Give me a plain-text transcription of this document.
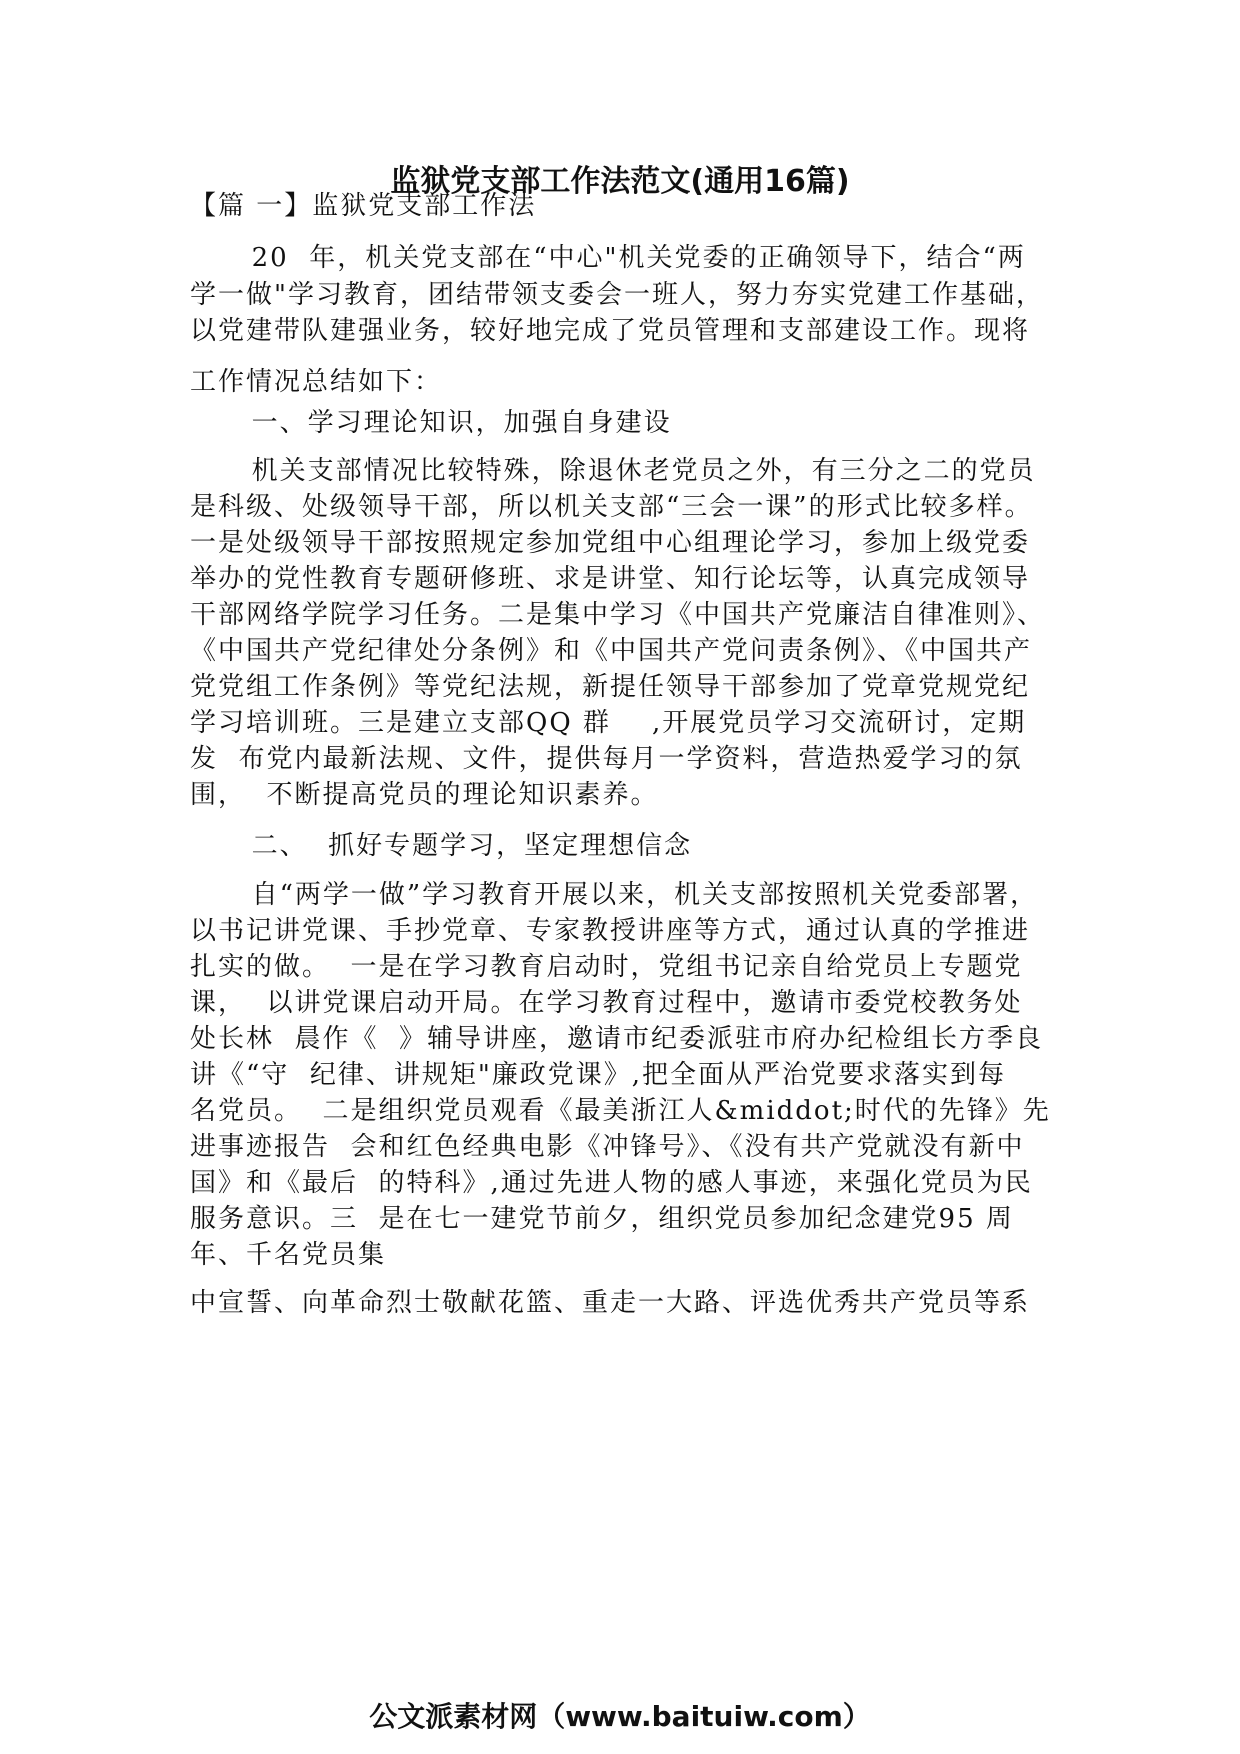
监狱党支部工作法范文(通用16篇)
【篇 一】监狱党支部工作法
20  年，机关党支部在“中心"机关党委的正确领导下，结合“两
学一做"学习教育，团结带领支委会一班人，努力夯实党建工作基础，
以党建带队建强业务，较好地完成了党员管理和支部建设工作。现将
工作情况总结如下：
一、学习理论知识，加强自身建设
机关支部情况比较特殊，除退休老党员之外，有三分之二的党员
是科级、处级领导干部，所以机关支部“三会一课”的形式比较多样。
一是处级领导干部按照规定参加党组中心组理论学习，参加上级党委
举办的党性教育专题研修班、求是讲堂、知行论坛等，认真完成领导
干部网络学院学习任务。二是集中学习《中国共产党廉洁自律准则》、
《中国共产党纪律处分条例》和《中国共产党问责条例》、《中国共产
党党组工作条例》等党纪法规，新提任领导干部参加了党章党规党纪
学习培训班。三是建立支部QQ 群    ,开展党员学习交流研讨，定期
发  布党内最新法规、文件，提供每月一学资料，营造热爱学习的氛
围，  不断提高党员的理论知识素养。
二、  抓好专题学习，坚定理想信念
自“两学一做”学习教育开展以来，机关支部按照机关党委部署，
以书记讲党课、手抄党章、专家教授讲座等方式，通过认真的学推进
扎实的做。  一是在学习教育启动时，党组书记亲自给党员上专题党
课，  以讲党课启动开局。在学习教育过程中，邀请市委党校教务处
处长林  晨作《  》辅导讲座，邀请市纪委派驻市府办纪检组长方季良
讲《“守  纪律、讲规矩"廉政党课》,把全面从严治党要求落实到每
名党员。  二是组织党员观看《最美浙江人&middot;时代的先锋》先
进事迹报告  会和红色经典电影《冲锋号》、《没有共产党就没有新中
国》和《最后  的特科》,通过先进人物的感人事迹，来强化党员为民
服务意识。三  是在七一建党节前夕，组织党员参加纪念建党95 周
年、千名党员集
中宣誓、向革命烈士敬献花篮、重走一大路、评选优秀共产党员等系
公文派素材网（www.baituiw.com）
